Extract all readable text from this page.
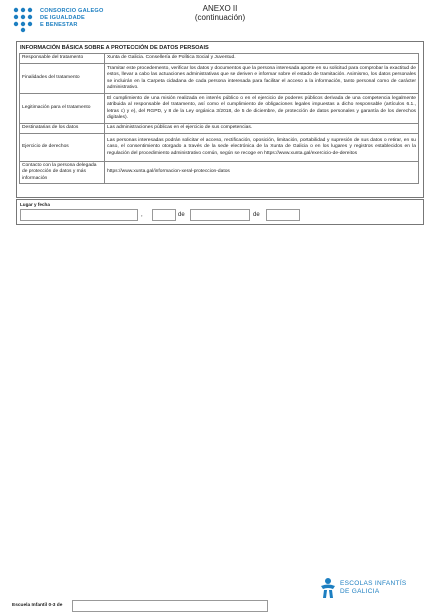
CONSORCIO GALEGO
DE IGUALDADE
E BENESTAR
ANEXO II
(continuación)
INFORMACIÓN BÁSICA SOBRE A PROTECCIÓN DE DATOS PERSOAIS
Responsable del tratamento	Xunta de Galicia. Consellería de Política Social y Juventud.
Finalidades del tratamento	Tramitar este procedemento, verificar los datos y documentos que la persona interesada aporte en su solicitud para comprobar la exactitud de estos, llevar a cabo las actuaciones administrativas que se deriven e informar sobre el estado de tramitación. Asimismo, los datos personales se incluirán en la Carpeta cidadana de cada persona interesada para facilitar el acceso a la información, tanto personal como de carácter administrativo.
Legitimación para el tratamento	El cumplimiento de una misión realizada en interés público o en el ejercicio de poderes públicos derivada de una competencia legalmente atribuida al responsable del tratamento, así como el cumplimiento de obligaciones legales impuestas a dicho responsable (artículos 6.1., letras c) y e), del RGPD, y 8 de la Ley orgánica 3/2018, de 5 de diciembre, de protección de datos personales y garantía de los derechos digitales).
Destinatarias de los datos	Las administraciones públicas en el ejercicio de sus competencias.
Ejercicio de derechos	Las personas interesadas podrán solicitar el acceso, rectificación, oposición, limitación, portabilidad y supresión de sus datos o retirar, en su caso, el consentimiento otorgado a través de la sede electrónica de la Xunta de Galicia o en los lugares y registros establecidos en la regulación del procedimiento administrativo común, según se recoge en https://www.xunta.gal/exercicio-de-dereitos
Contacto con la persona delegada de protección de datos y más información	https://www.xunta.gal/informacion-xeral-proteccion-datos
Lugar y fecha
,	de	de
ESCOLAS INFANTÍS
DE GALICIA
Escuela Infantil 0-3 de
